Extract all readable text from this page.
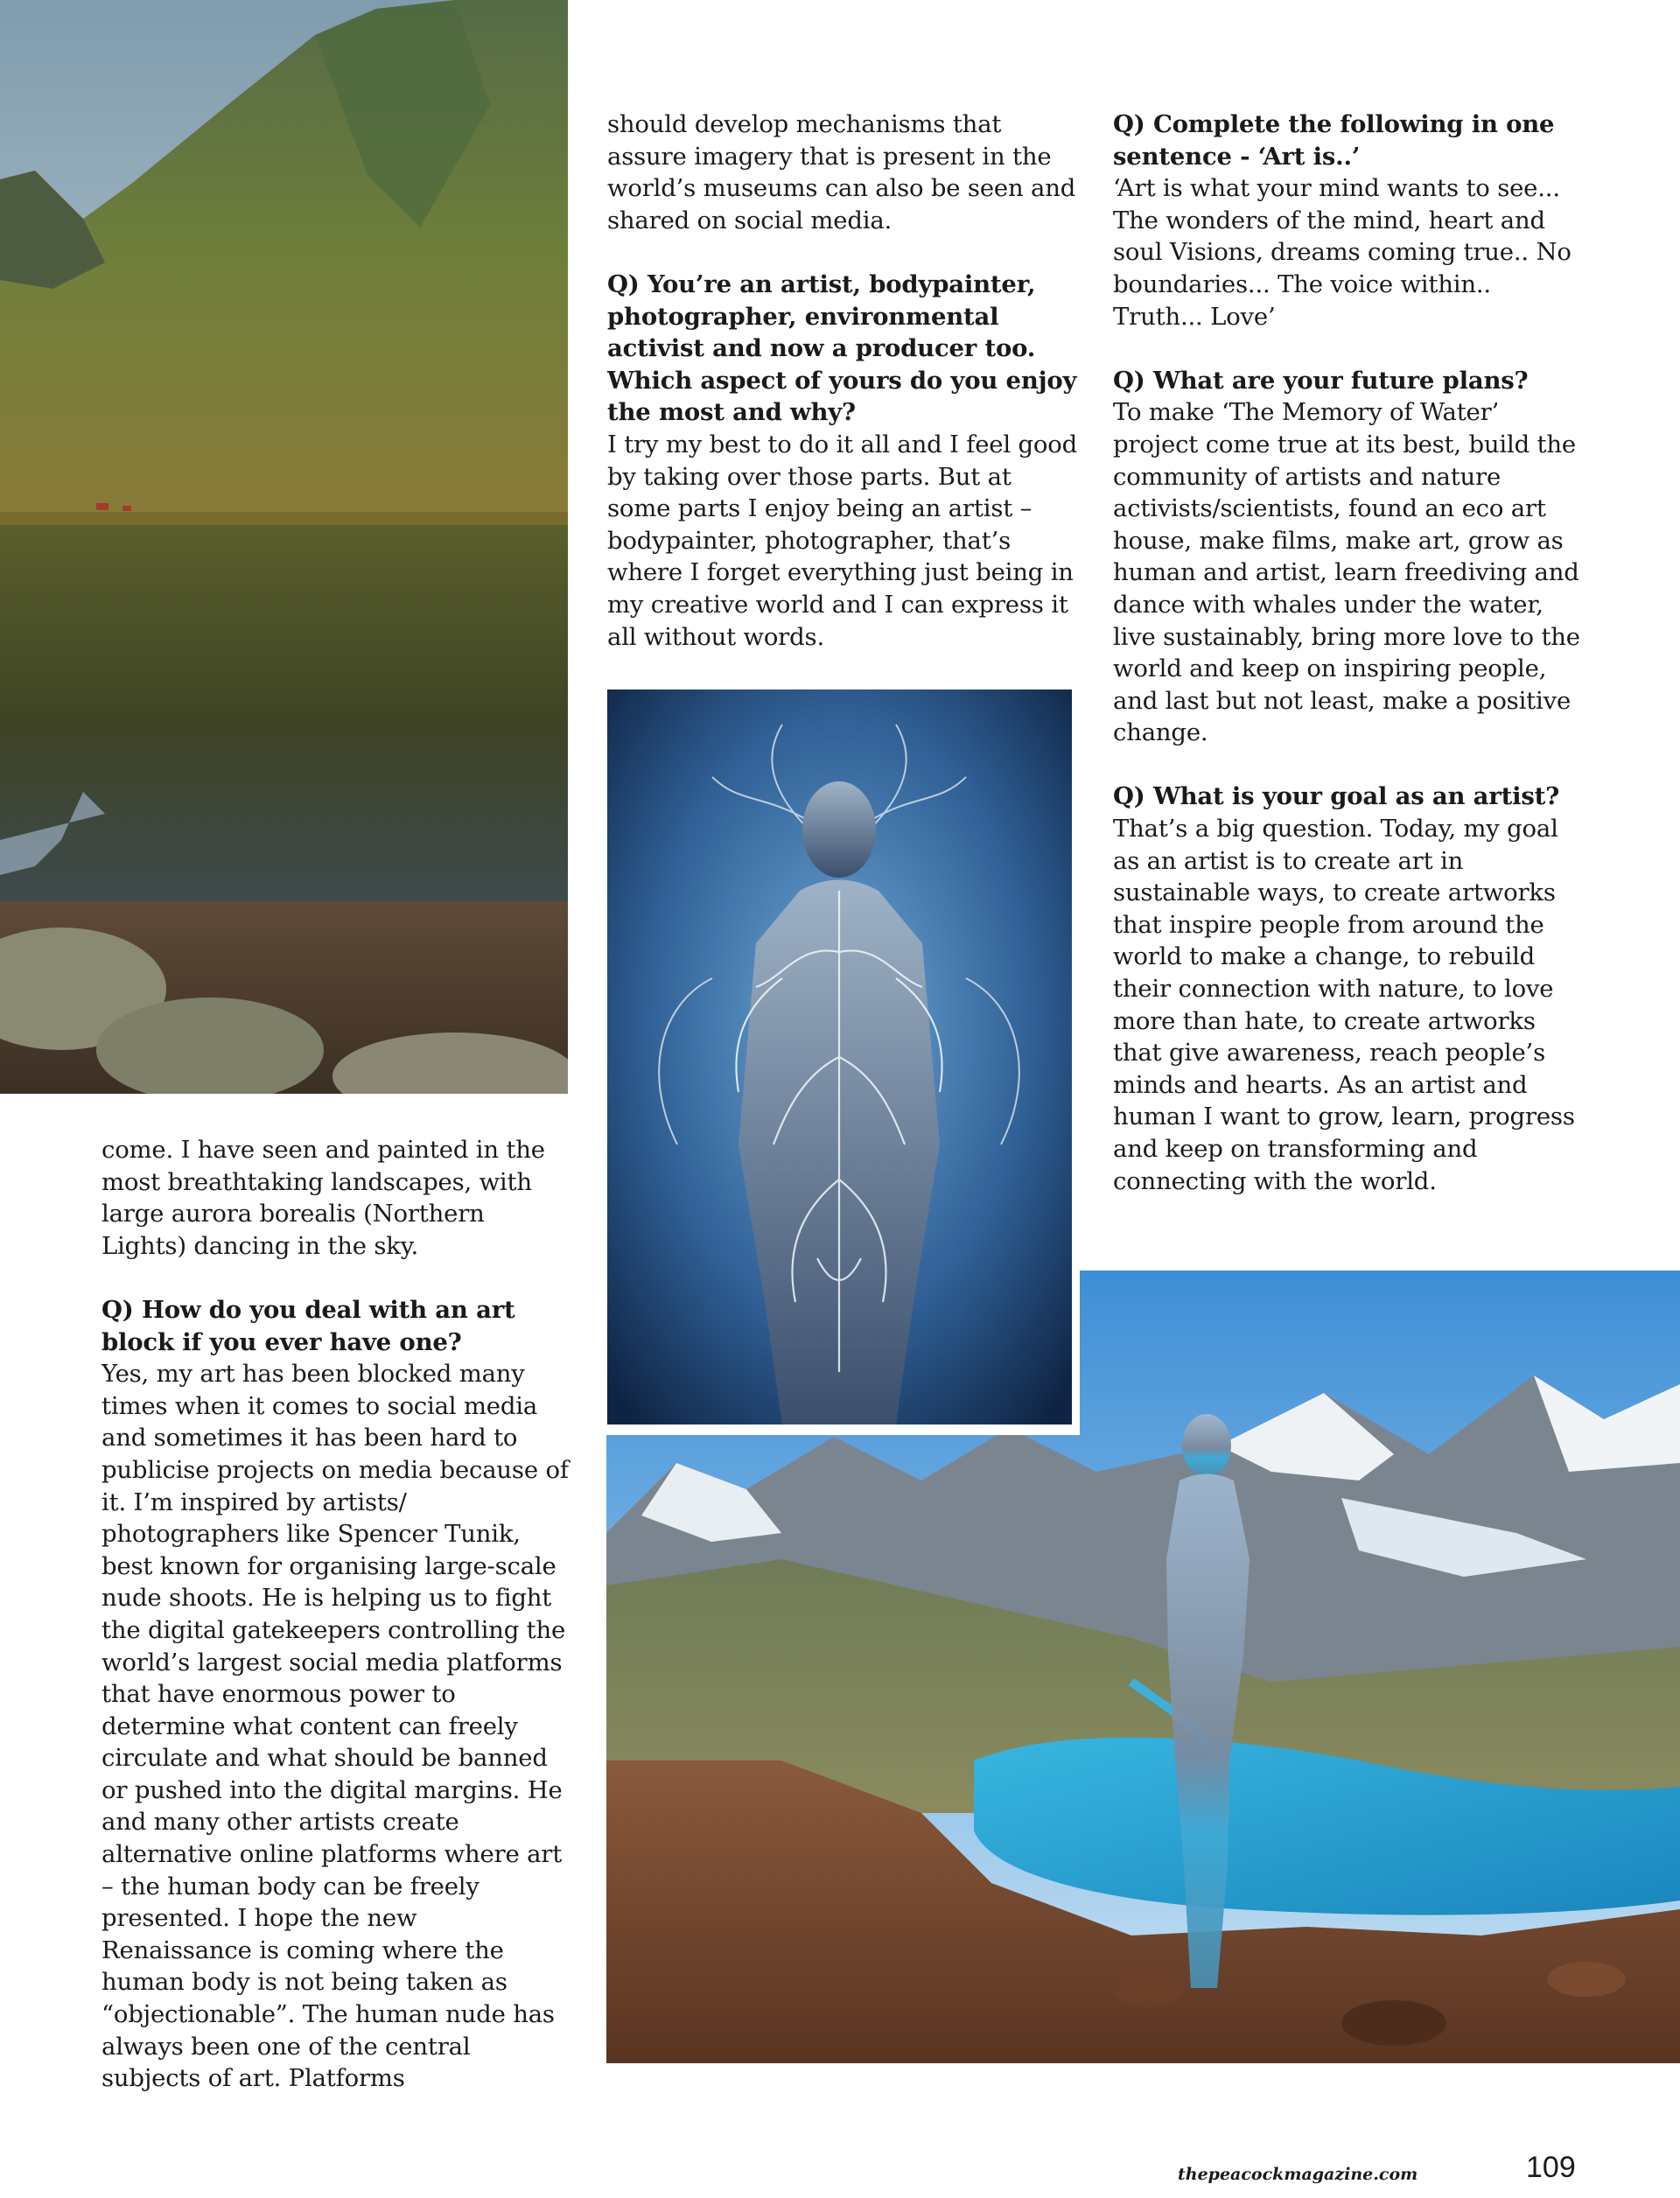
come. I have seen and painted in the most breathtaking landscapes, with large aurora borealis (Northern Lights) dancing in the sky.

Q) How do you deal with an art block if you ever have one?
Yes, my art has been blocked many times when it comes to social media and sometimes it has been hard to publicise projects on media because of it. I’m inspired by artists/ photographers like Spencer Tunik, best known for organising large-scale nude shoots. He is helping us to fight the digital gatekeepers controlling the world’s largest social media platforms that have enormous power to determine what content can freely circulate and what should be banned or pushed into the digital margins. He and many other artists create alternative online platforms where art – the human body can be freely presented. I hope the new Renaissance is coming where the human body is not being taken as “objectionable”. The human nude has always been one of the central subjects of art. Platforms

should develop mechanisms that assure imagery that is present in the world’s museums can also be seen and shared on social media.

Q) You’re an artist, bodypainter, photographer, environmental activist and now a producer too. Which aspect of yours do you enjoy the most and why?
I try my best to do it all and I feel good by taking over those parts. But at some parts I enjoy being an artist – bodypainter, photographer, that’s where I forget everything just being in my creative world and I can express it all without words.

Q) Complete the following in one sentence - ‘Art is..’
‘Art is what your mind wants to see... The wonders of the mind, heart and soul Visions, dreams coming true.. No boundaries... The voice within.. Truth... Love’

Q) What are your future plans?
To make ‘The Memory of Water’ project come true at its best, build the community of artists and nature activists/scientists, found an eco art house, make films, make art, grow as human and artist, learn freediving and dance with whales under the water, live sustainably, bring more love to the world and keep on inspiring people, and last but not least, make a positive change.

Q) What is your goal as an artist?
That’s a big question. Today, my goal as an artist is to create art in sustainable ways, to create artworks that inspire people from around the world to make a change, to rebuild their connection with nature, to love more than hate, to create artworks that give awareness, reach people’s minds and hearts. As an artist and human I want to grow, learn, progress and keep on transforming and connecting with the world.

thepeacockmagazine.com	109
